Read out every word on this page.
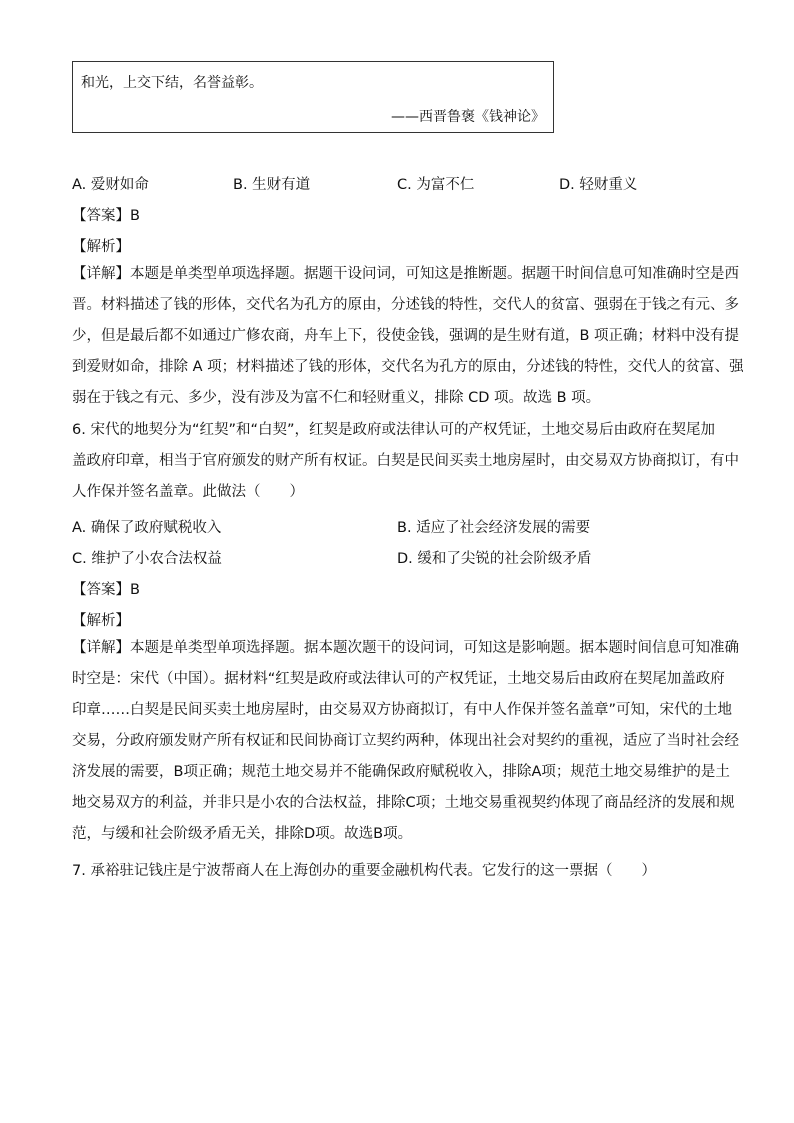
和光，上交下结，名誉益彰。
——西晋鲁褒《钱神论》
A. 爱财如命	B. 生财有道	C. 为富不仁	D. 轻财重义
【答案】B
【解析】
【详解】本题是单类型单项选择题。据题干设问词，可知这是推断题。据题干时间信息可知准确时空是西
晋。材料描述了钱的形体，交代名为孔方的原由，分述钱的特性，交代人的贫富、强弱在于钱之有元、多
少，但是最后都不如通过广修农商，舟车上下，役使金钱，强调的是生财有道，B 项正确；材料中没有提
到爱财如命，排除 A 项；材料描述了钱的形体，交代名为孔方的原由，分述钱的特性，交代人的贫富、强
弱在于钱之有元、多少，没有涉及为富不仁和轻财重义，排除 CD 项。故选 B 项。
6. 宋代的地契分为“红契”和“白契”，红契是政府或法律认可的产权凭证，土地交易后由政府在契尾加
盖政府印章，相当于官府颁发的财产所有权证。白契是民间买卖土地房屋时，由交易双方协商拟订，有中
人作保并签名盖章。此做法（　　）
A. 确保了政府赋税收入	B. 适应了社会经济发展的需要
C. 维护了小农合法权益	D. 缓和了尖锐的社会阶级矛盾
【答案】B
【解析】
【详解】本题是单类型单项选择题。据本题次题干的设问词，可知这是影响题。据本题时间信息可知准确
时空是：宋代（中国）。据材料“红契是政府或法律认可的产权凭证，土地交易后由政府在契尾加盖政府
印章……白契是民间买卖土地房屋时，由交易双方协商拟订，有中人作保并签名盖章”可知，宋代的土地
交易，分政府颁发财产所有权证和民间协商订立契约两种，体现出社会对契约的重视，适应了当时社会经
济发展的需要，B项正确；规范土地交易并不能确保政府赋税收入，排除A项；规范土地交易维护的是土
地交易双方的利益，并非只是小农的合法权益，排除C项；土地交易重视契约体现了商品经济的发展和规
范，与缓和社会阶级矛盾无关，排除D项。故选B项。
7. 承裕驻记钱庄是宁波帮商人在上海创办的重要金融机构代表。它发行的这一票据（　　）
